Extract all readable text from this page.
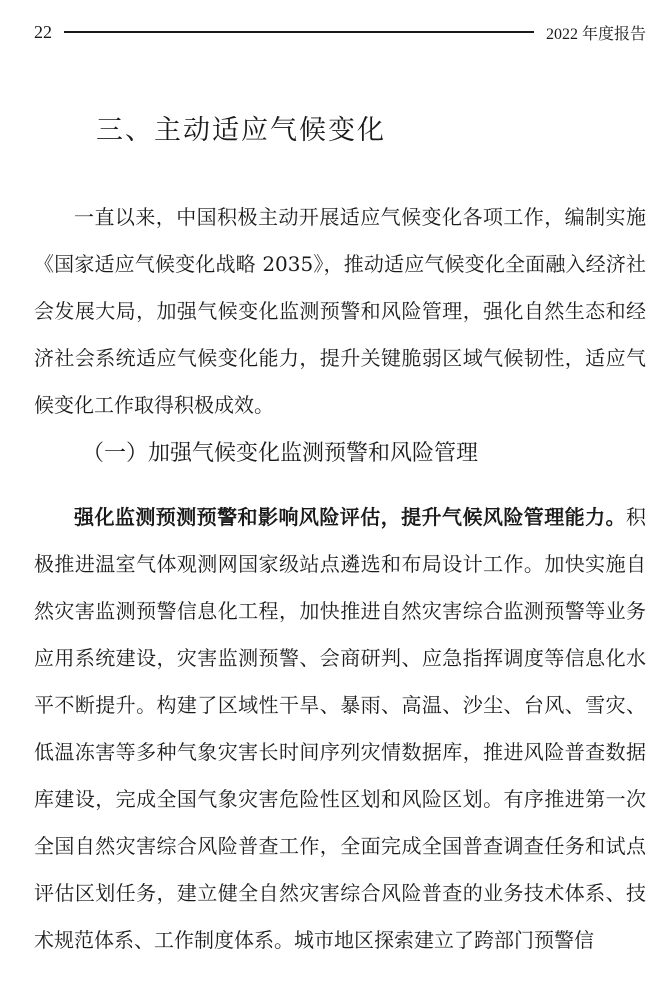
22	2022 年度报告
三、主动适应气候变化

一直以来，中国积极主动开展适应气候变化各项工作，编制实施《国家适应气候变化战略 2035》，推动适应气候变化全面融入经济社会发展大局，加强气候变化监测预警和风险管理，强化自然生态和经济社会系统适应气候变化能力，提升关键脆弱区域气候韧性，适应气候变化工作取得积极成效。

（一）加强气候变化监测预警和风险管理

强化监测预测预警和影响风险评估，提升气候风险管理能力。积极推进温室气体观测网国家级站点遴选和布局设计工作。加快实施自然灾害监测预警信息化工程，加快推进自然灾害综合监测预警等业务应用系统建设，灾害监测预警、会商研判、应急指挥调度等信息化水平不断提升。构建了区域性干旱、暴雨、高温、沙尘、台风、雪灾、低温冻害等多种气象灾害长时间序列灾情数据库，推进风险普查数据库建设，完成全国气象灾害危险性区划和风险区划。有序推进第一次全国自然灾害综合风险普查工作，全面完成全国普查调查任务和试点评估区划任务，建立健全自然灾害综合风险普查的业务技术体系、技术规范体系、工作制度体系。城市地区探索建立了跨部门预警信
